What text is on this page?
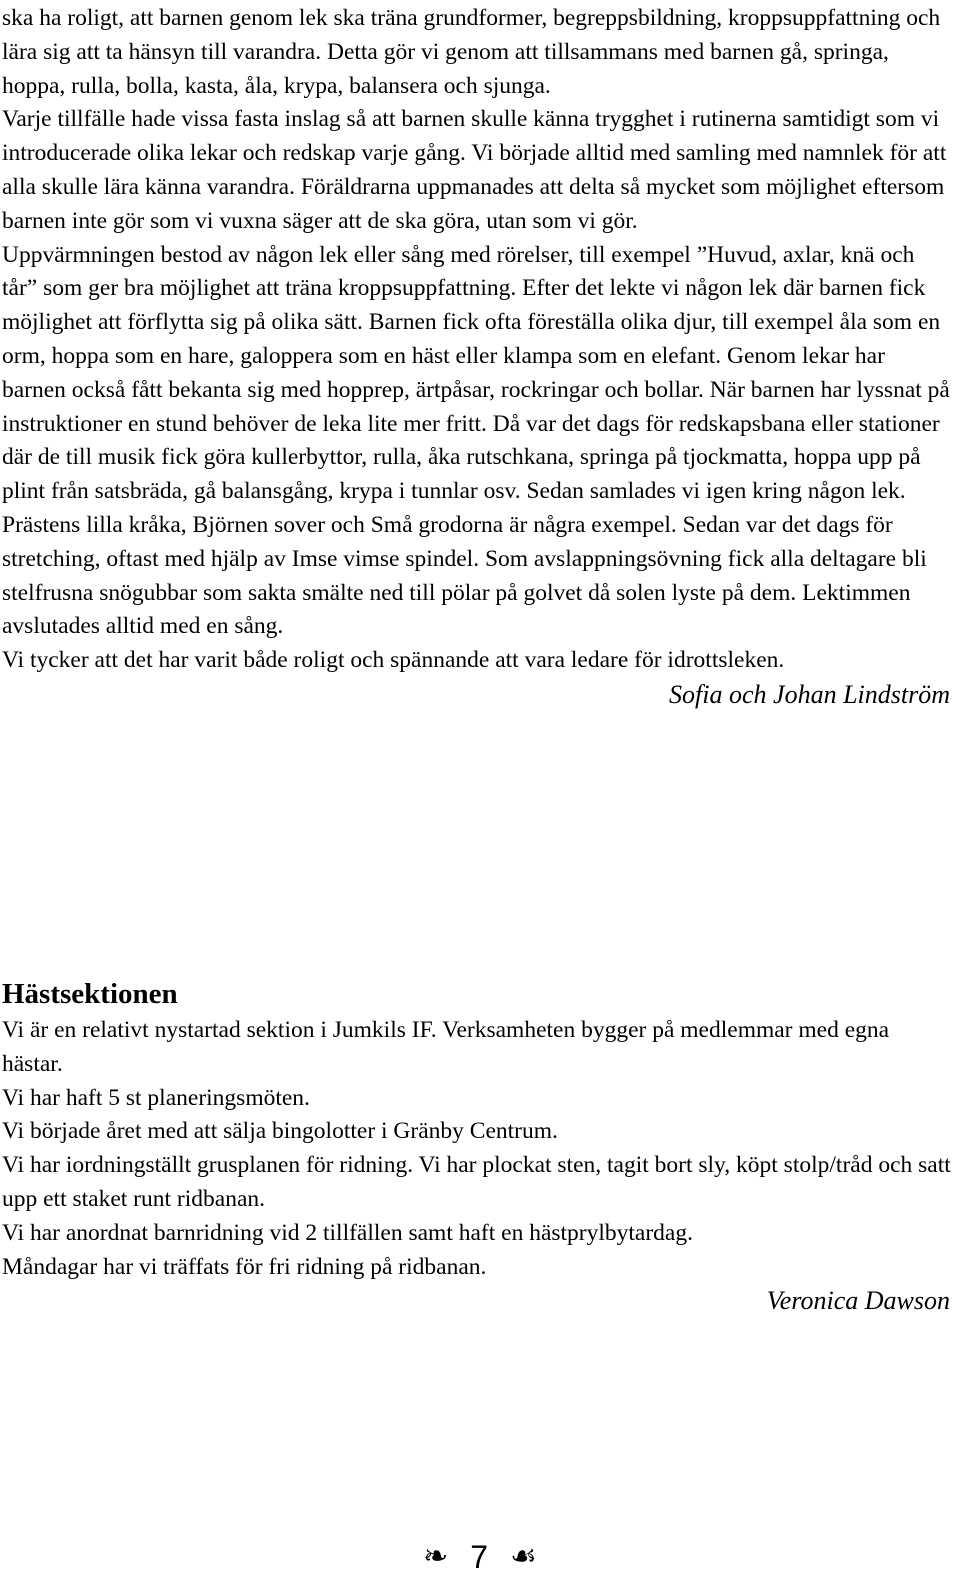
ska ha roligt, att barnen genom lek ska träna grundformer, begreppsbildning, kroppsuppfattning och lära sig att ta hänsyn till varandra. Detta gör vi genom att tillsammans med barnen gå, springa, hoppa, rulla, bolla, kasta, åla, krypa, balansera och sjunga.

Varje tillfälle hade vissa fasta inslag så att barnen skulle känna trygghet i rutinerna samtidigt som vi introducerade olika lekar och redskap varje gång. Vi började alltid med samling med namnlek för att alla skulle lära känna varandra. Föräldrarna uppmanades att delta så mycket som möjlighet eftersom barnen inte gör som vi vuxna säger att de ska göra, utan som vi gör.

Uppvärmningen bestod av någon lek eller sång med rörelser, till exempel ”Huvud, axlar, knä och tår” som ger bra möjlighet att träna kroppsuppfattning. Efter det lekte vi någon lek där barnen fick möjlighet att förflytta sig på olika sätt. Barnen fick ofta föreställa olika djur, till exempel åla som en orm, hoppa som en hare, galoppera som en häst eller klampa som en elefant. Genom lekar har barnen också fått bekanta sig med hopprep, ärtpåsar, rockringar och bollar. När barnen har lyssnat på instruktioner en stund behöver de leka lite mer fritt. Då var det dags för redskapsbana eller stationer där de till musik fick göra kullerbyttor, rulla, åka rutschkana, springa på tjockmatta, hoppa upp på plint från satsbräda, gå balansgång, krypa i tunnlar osv. Sedan samlades vi igen kring någon lek. Prästens lilla kråka, Björnen sover och Små grodorna är några exempel. Sedan var det dags för stretching, oftast med hjälp av Imse vimse spindel. Som avslappningsövning fick alla deltagare bli stelfrusna snögubbar som sakta smälte ned till pölar på golvet då solen lyste på dem. Lektimmen avslutades alltid med en sång.

Vi tycker att det har varit både roligt och spännande att vara ledare för idrottsleken.

Sofia och Johan Lindström

Hästsektionen

Vi är en relativt nystartad sektion i Jumkils IF. Verksamheten bygger på medlemmar med egna hästar.

Vi har haft 5 st planeringsmöten.

Vi började året med att sälja bingolotter i Gränby Centrum.

Vi har iordningställt grusplanen för ridning. Vi har plockat sten, tagit bort sly, köpt stolp/tråd och satt upp ett staket runt ridbanan.

Vi har anordnat barnridning vid 2 tillfällen samt haft en hästprylbytardag.

Måndagar har vi träffats för fri ridning på ridbanan.

Veronica Dawson

❧ 7 ☙
